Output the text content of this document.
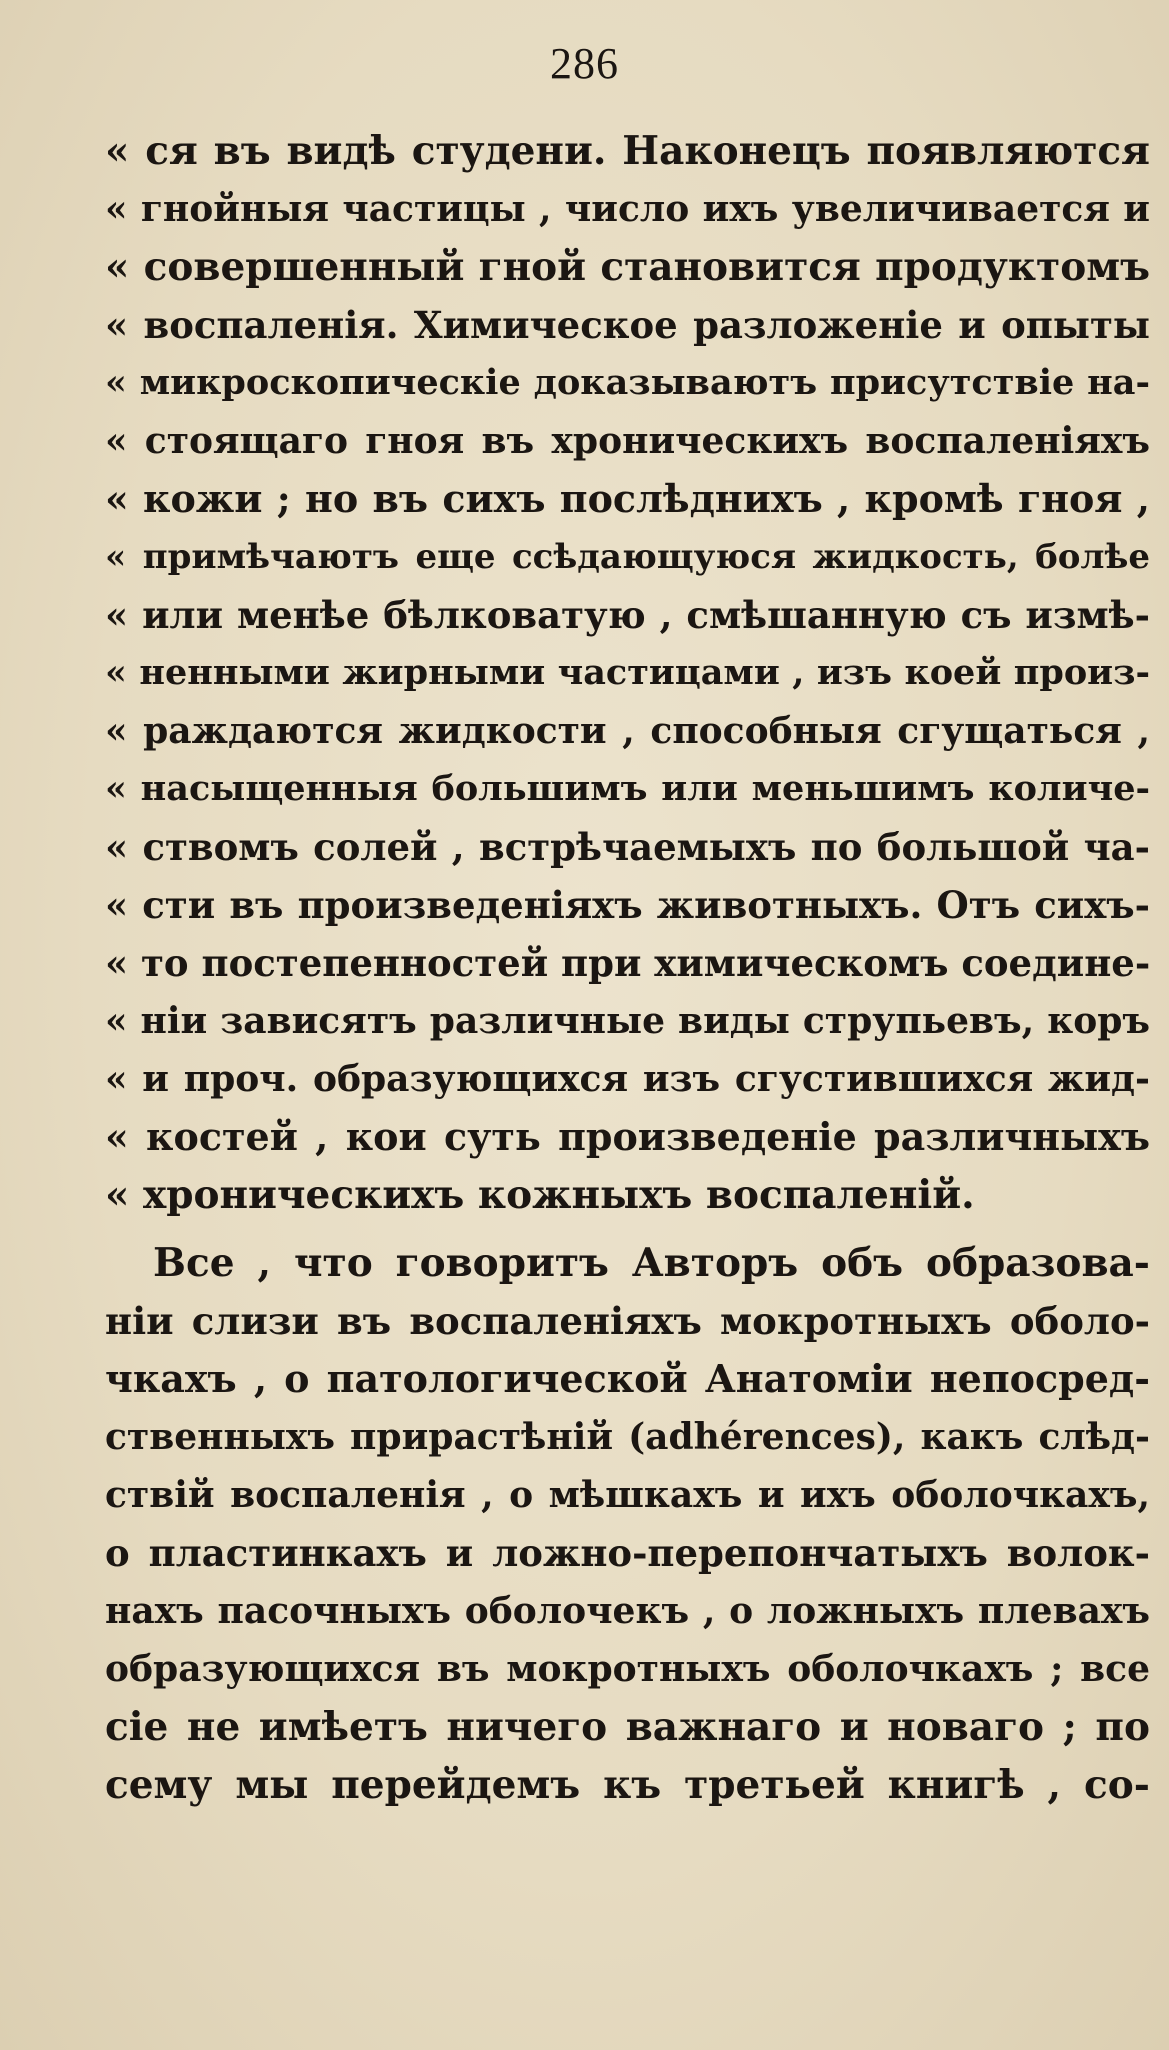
286
« ся въ видѣ студени. Наконецъ появляются
« гнойныя частицы , число ихъ увеличивается и
« совершенный гной становится продуктомъ
« воспаленія. Химическое разложеніе и опыты
« микроскопическіе доказываютъ присутствіе на-
« стоящаго гноя въ хроническихъ воспаленіяхъ
« кожи ; но въ сихъ послѣднихъ , кромѣ гноя ,
« примѣчаютъ еще ссѣдающуюся жидкость, болѣе
« или менѣе бѣлковатую , смѣшанную съ измѣ-
« ненными жирными частицами , изъ коей произ-
« раждаются жидкости , способныя сгущаться ,
« насыщенныя большимъ или меньшимъ количе-
« ствомъ солей , встрѣчаемыхъ по большой ча-
« сти въ произведеніяхъ животныхъ. Отъ сихъ-
« то постепенностей при химическомъ соедине-
« ніи зависятъ различные виды струпьевъ, коръ
« и проч. образующихся изъ сгустившихся жид-
« костей , кои суть произведеніе различныхъ
« хроническихъ кожныхъ воспаленій.
Все , что говоритъ Авторъ объ образова-
ніи слизи въ воспаленіяхъ мокротныхъ оболо-
чкахъ , о патологической Анатоміи непосред-
ственныхъ прирастѣній (adhérences), какъ слѣд-
ствій воспаленія , о мѣшкахъ и ихъ оболочкахъ,
о пластинкахъ и ложно-перепончатыхъ волок-
нахъ пасочныхъ оболочекъ , о ложныхъ плевахъ
образующихся въ мокротныхъ оболочкахъ ; все
сіе не имѣетъ ничего важнаго и новаго ; по
сему мы перейдемъ къ третьей книгѣ , со-
